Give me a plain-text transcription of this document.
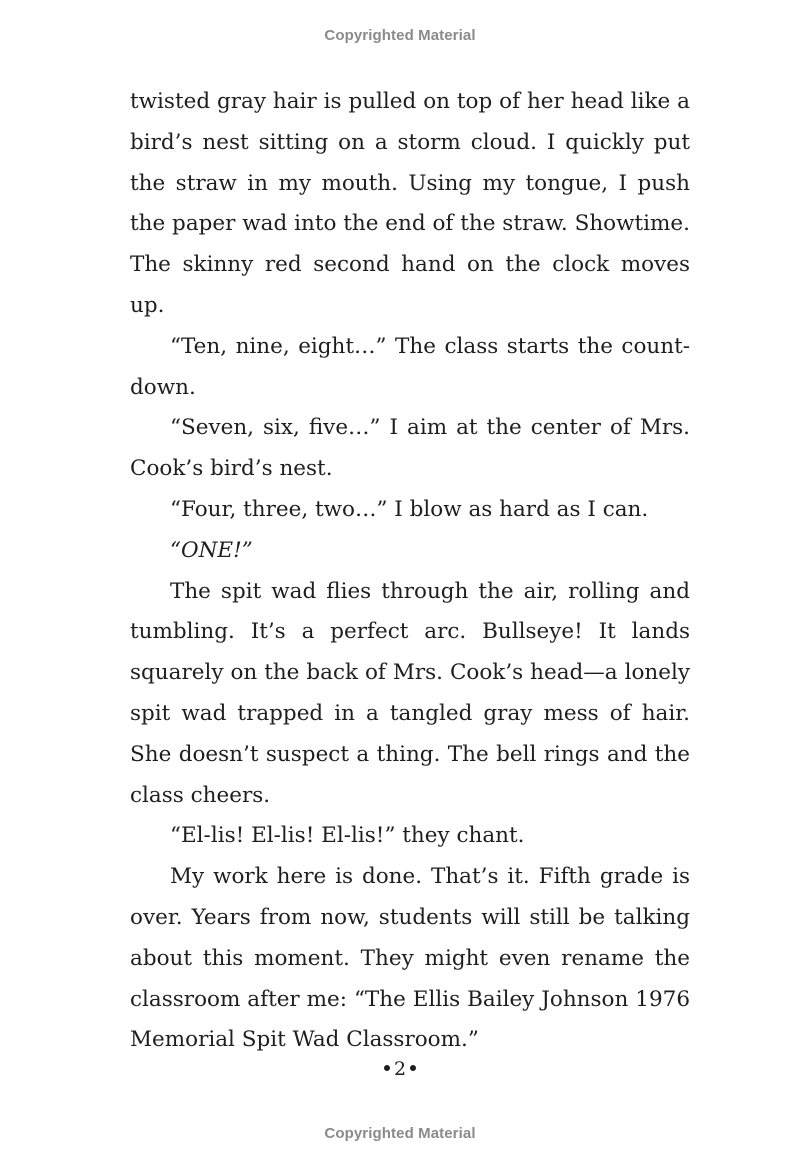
Copyrighted Material

twisted gray hair is pulled on top of her head like a bird’s nest sitting on a storm cloud. I quickly put the straw in my mouth. Using my tongue, I push the paper wad into the end of the straw. Showtime. The skinny red second hand on the clock moves up.

“Ten, nine, eight…” The class starts the countdown.

“Seven, six, five…” I aim at the center of Mrs. Cook’s bird’s nest.

“Four, three, two…” I blow as hard as I can.

“ONE!”

The spit wad flies through the air, rolling and tumbling. It’s a perfect arc. Bullseye! It lands squarely on the back of Mrs. Cook’s head—a lonely spit wad trapped in a tangled gray mess of hair. She doesn’t suspect a thing. The bell rings and the class cheers.

“El-lis! El-lis! El-lis!” they chant.

My work here is done. That’s it. Fifth grade is over. Years from now, students will still be talking about this moment. They might even rename the classroom after me: “The Ellis Bailey Johnson 1976 Memorial Spit Wad Classroom.”

2
Copyrighted Material
